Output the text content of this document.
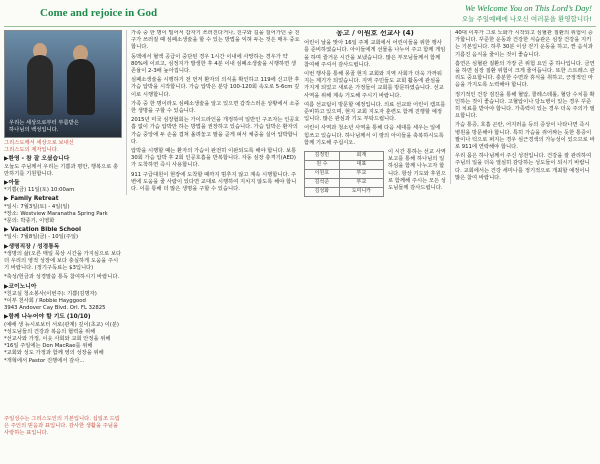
Come and rejoice in God	We Welcome You on This Lord’s Day!
오늘 주일예배에 나오신 여러분을 환영합니다!
우리는 세상으로부터 부름받은
하나님의 백성입니다.
그리스도께서 세상으로 보내신
그리스도의 제자입니다.
▶환영 - 참 잘 오셨습니다

오늘도 주님께서 우리는 기쁨과 평안, 행복으로 충만하기를 기원합니다.

▶아둘

*기쁨(금) 11일(토) 10:00am

▶ Family Retreat
*일시: 7월3일(토) - 4일(일)
*장소: Westview Maranatha Spring Park
*문의: 박종기, 이영화
▶ Vacation Bible School
*일시: 7월8일(금) - 10일(주일)
▶생명직장 / 성경통독

*생명의 삶(오른 매일 묵상 시간을 가지심으로 보다 더 우리의 영적 성장에 보다 충실하게 도움을 주시기 바랍니다. (정기구독료는 $3입니다)

*축성/헌금과 성경말씀 통독 참여하시기 바랍니다.

▶코이노니아
*친교실 청소봉사(이번주): 기쁨(김명자)
*이부 천사회 / Robbie Hayggood
3943 Andover Cay Blvd. Orl. FL 32825
▶함께 나누어야 할 기도 (10/10)
(예배 생 뉴시로보터 서로(관계) 깊이(초교) 이(분) *성도님들의 건강과 복음의 협력을 위해
*선교사와 가정, 이웃 사회와 교회 안정을 위해
*16일 주일에는 Don MacRae를 위해
*교회와 성도 가정과 함께 영의 성장을 위해
*개혁에서 Pastor 진행에서 감사...
주일성수는 그리스도인의 기본입니다. 십일조 드림은 주인의 믿음과 표입니다. 감사한 생활을 주님을 사랑하는 표입니다.

가족 중 한 명이 밀어서 갑자기 쓰러진다거나, 친구와 길을 걸어가던 중 친구가 쓰러질 때 심폐소생술을 할 수 있는 방법을 익혀 두는 것은 매우 중요합니다.

동맥에서 혈액 공급이 중단된 경우 1시간 이내에 사망하는 경우가 약 80%에 이르고, 심정지가 발생한 후 4분 이내 심폐소생술을 시행하면 생존율이 2-3배 높아집니다.

심폐소생술을 시행하기 전 먼저 환자의 의식을 확인하고 119에 신고한 후 가슴 압박을 시작합니다. 가슴 압박은 분당 100-120회 속도로 5-6cm 깊이로 시행합니다.

가족 중 한 명이라도 심폐소생술을 알고 있으면 갑작스러운 상황에서 소중한 생명을 구할 수 있습니다.

2015년 미국 심장협회는 가이드라인을 개정하여 일반인 구조자는 인공호흡 없이 가슴 압박만 하는 방법을 권장하고 있습니다. 가슴 압박은 환자의 가슴 중앙에 두 손을 겹쳐 올려놓고 팔을 곧게 펴서 체중을 실어 압박합니다.

압박을 시행할 때는 환자의 가슴이 완전히 이완되도록 해야 합니다. 보통 30회 가슴 압박 후 2회 인공호흡을 반복합니다. 자동 심장 충격기(AED)가 도착하면 즉시 사용합니다.

911 구급대원이 현장에 도착할 때까지 멈추지 않고 계속 시행합니다. 주변에 도움을 줄 사람이 있다면 교대로 시행하여 지치지 않도록 해야 합니다. 이를 통해 더 많은 생명을 구할 수 있습니다.

몽고 / 이원호 선교사 (4)

어린이 날을 맞아 16일 주제 교회에서 어린이들을 위한 행사를 준비하였습니다. 아이들에게 선물을 나누어 주고 함께 게임을 하며 즐거운 시간을 보냈습니다. 많은 부모님들께서 함께 참여해 주셔서 감사드립니다.

이번 행사를 통해 몽골 현지 교회와 지역 사회가 더욱 가까워지는 계기가 되었습니다. 지역 주민들도 교회 활동에 관심을 가지게 되었고 새로운 가정들이 교회를 방문하였습니다. 선교 사역을 위해 계속 기도해 주시기 바랍니다.

여름 선교팀이 방문할 예정입니다. 의료 선교와 어린이 캠프를 준비하고 있으며, 현지 교회 지도자 훈련도 함께 진행할 예정입니다. 많은 관심과 기도 부탁드립니다.

어린이 사역과 청소년 사역을 통해 다음 세대를 세우는 일에 힘쓰고 있습니다. 하나님께서 이 땅의 아이들을 축복하시도록 함께 기도해 주십시오.

김정민	회계
원 수	대표
이원호	부교
김석준	부교
김성화	도미니카

이 시간 통하는 선교 사역 보고를 통해 하나님의 일하심을 함께 나누고자 합니다. 항상 기도와 후원으로 함께해 주시는 모든 성도님들께 감사드립니다.

40대 이후가 그로 노화가 시작되고 심혈관 질환의 위험이 증가합니다. 꾸준한 운동과 건강한 식습관은 심장 건강을 지키는 기본입니다. 하루 30분 이상 걷기 운동을 하고, 짠 음식과 기름진 음식을 줄이는 것이 좋습니다.

흡연은 심혈관 질환의 가장 큰 위험 요인 중 하나입니다. 금연을 하면 심장 질환 위험이 크게 줄어듭니다. 또한 스트레스 관리도 중요합니다. 충분한 수면과 휴식을 취하고, 긍정적인 마음을 가지도록 노력해야 합니다.

정기적인 건강 검진을 통해 혈압, 콜레스테롤, 혈당 수치를 확인하는 것이 좋습니다. 고혈압이나 당뇨병이 있는 경우 꾸준히 치료를 받아야 합니다. 가족력이 있는 경우 더욱 주의가 필요합니다.

가슴 통증, 호흡 곤란, 어지러움 등의 증상이 나타나면 즉시 병원을 방문해야 합니다. 특히 가슴을 쥐어짜는 듯한 통증이 팔이나 턱으로 퍼지는 경우 심근경색의 가능성이 있으므로 바로 911에 연락해야 합니다.

우리 몸은 하나님께서 주신 성전입니다. 건강을 잘 관리하여 주님의 일을 더욱 열심히 감당하는 성도들이 되시기 바랍니다. 교회에서는 건강 세미나를 정기적으로 개최할 예정이니 많은 참여 바랍니다.
